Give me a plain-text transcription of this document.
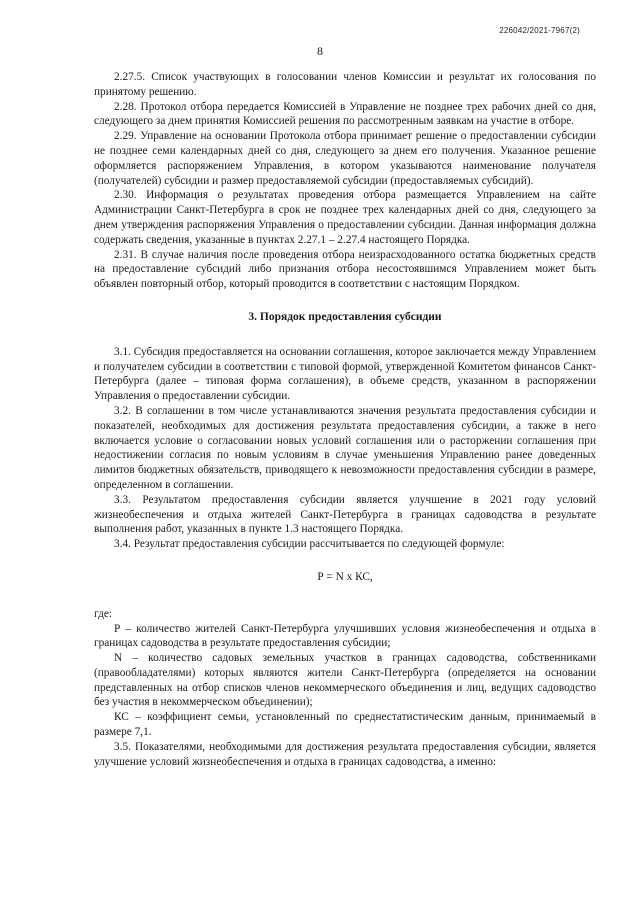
226042/2021-7967(2)
8

2.27.5. Список участвующих в голосовании членов Комиссии и результат их голосования по принятому решению.

2.28. Протокол отбора передается Комиссией в Управление не позднее трех рабочих дней со дня, следующего за днем принятия Комиссией решения по рассмотренным заявкам на участие в отборе.

2.29. Управление на основании Протокола отбора принимает решение о предоставлении субсидии не позднее семи календарных дней со дня, следующего за днем его получения. Указанное решение оформляется распоряжением Управления, в котором указываются наименование получателя (получателей) субсидии и размер предоставляемой субсидии (предоставляемых субсидий).

2.30. Информация о результатах проведения отбора размещается Управлением на сайте Администрации Санкт-Петербурга в срок не позднее трех календарных дней со дня, следующего за днем утверждения распоряжения Управления о предоставлении субсидии. Данная информация должна содержать сведения, указанные в пунктах 2.27.1 – 2.27.4 настоящего Порядка.

2.31. В случае наличия после проведения отбора неизрасходованного остатка бюджетных средств на предоставление субсидий либо признания отбора несостоявшимся Управлением может быть объявлен повторный отбор, который проводится в соответствии с настоящим Порядком.

3. Порядок предоставления субсидии

3.1. Субсидия предоставляется на основании соглашения, которое заключается между Управлением и получателем субсидии в соответствии с типовой формой, утвержденной Комитетом финансов Санкт-Петербурга (далее – типовая форма соглашения), в объеме средств, указанном в распоряжении Управления о предоставлении субсидии.

3.2. В соглашении в том числе устанавливаются значения результата предоставления субсидии и показателей, необходимых для достижения результата предоставления субсидии, а также в него включается условие о согласовании новых условий соглашения или о расторжении соглашения при недостижении согласия по новым условиям в случае уменьшения Управлению ранее доведенных лимитов бюджетных обязательств, приводящего к невозможности предоставления субсидии в размере, определенном в соглашении.

3.3. Результатом предоставления субсидии является улучшение в 2021 году условий жизнеобеспечения и отдыха жителей Санкт-Петербурга в границах садоводства в результате выполнения работ, указанных в пункте 1.3 настоящего Порядка.

3.4. Результат предоставления субсидии рассчитывается по следующей формуле:

Р = N х КС,

где:

Р – количество жителей Санкт-Петербурга улучшивших условия жизнеобеспечения и отдыха в границах садоводства в результате предоставления субсидии;

N – количество садовых земельных участков в границах садоводства, собственниками (правообладателями) которых являются жители Санкт-Петербурга (определяется на основании представленных на отбор списков членов некоммерческого объединения и лиц, ведущих садоводство без участия в некоммерческом объединении);

КС – коэффициент семьи, установленный по среднестатистическим данным, принимаемый в размере 7,1.

3.5. Показателями, необходимыми для достижения результата предоставления субсидии, является улучшение условий жизнеобеспечения и отдыха в границах садоводства, а именно:
